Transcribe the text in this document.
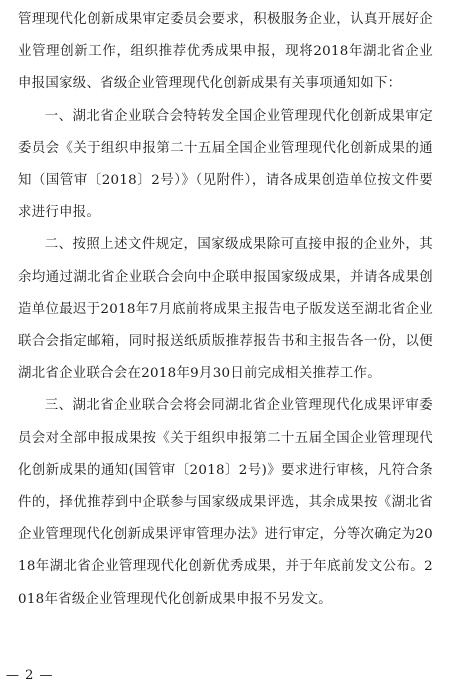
管理现代化创新成果审定委员会要求，积极服务企业，认真开展好企业管理创新工作，组织推荐优秀成果申报，现将2018年湖北省企业申报国家级、省级企业管理现代化创新成果有关事项通知如下：

一、湖北省企业联合会特转发全国企业管理现代化创新成果审定委员会《关于组织申报第二十五届全国企业管理现代化创新成果的通知（国管审〔2018〕2号）》（见附件），请各成果创造单位按文件要求进行申报。

二、按照上述文件规定，国家级成果除可直接申报的企业外，其余均通过湖北省企业联合会向中企联申报国家级成果，并请各成果创造单位最迟于2018年7月底前将成果主报告电子版发送至湖北省企业联合会指定邮箱，同时报送纸质版推荐报告书和主报告各一份，以便湖北省企业联合会在2018年9月30日前完成相关推荐工作。

三、湖北省企业联合会将会同湖北省企业管理现代化成果评审委员会对全部申报成果按《关于组织申报第二十五届全国企业管理现代化创新成果的通知(国管审〔2018〕2号)》要求进行审核，凡符合条件的，择优推荐到中企联参与国家级成果评选，其余成果按《湖北省企业管理现代化创新成果评审管理办法》进行审定，分等次确定为2018年湖北省企业管理现代化创新优秀成果，并于年底前发文公布。2018年省级企业管理现代化创新成果申报不另发文。

— 2 —
